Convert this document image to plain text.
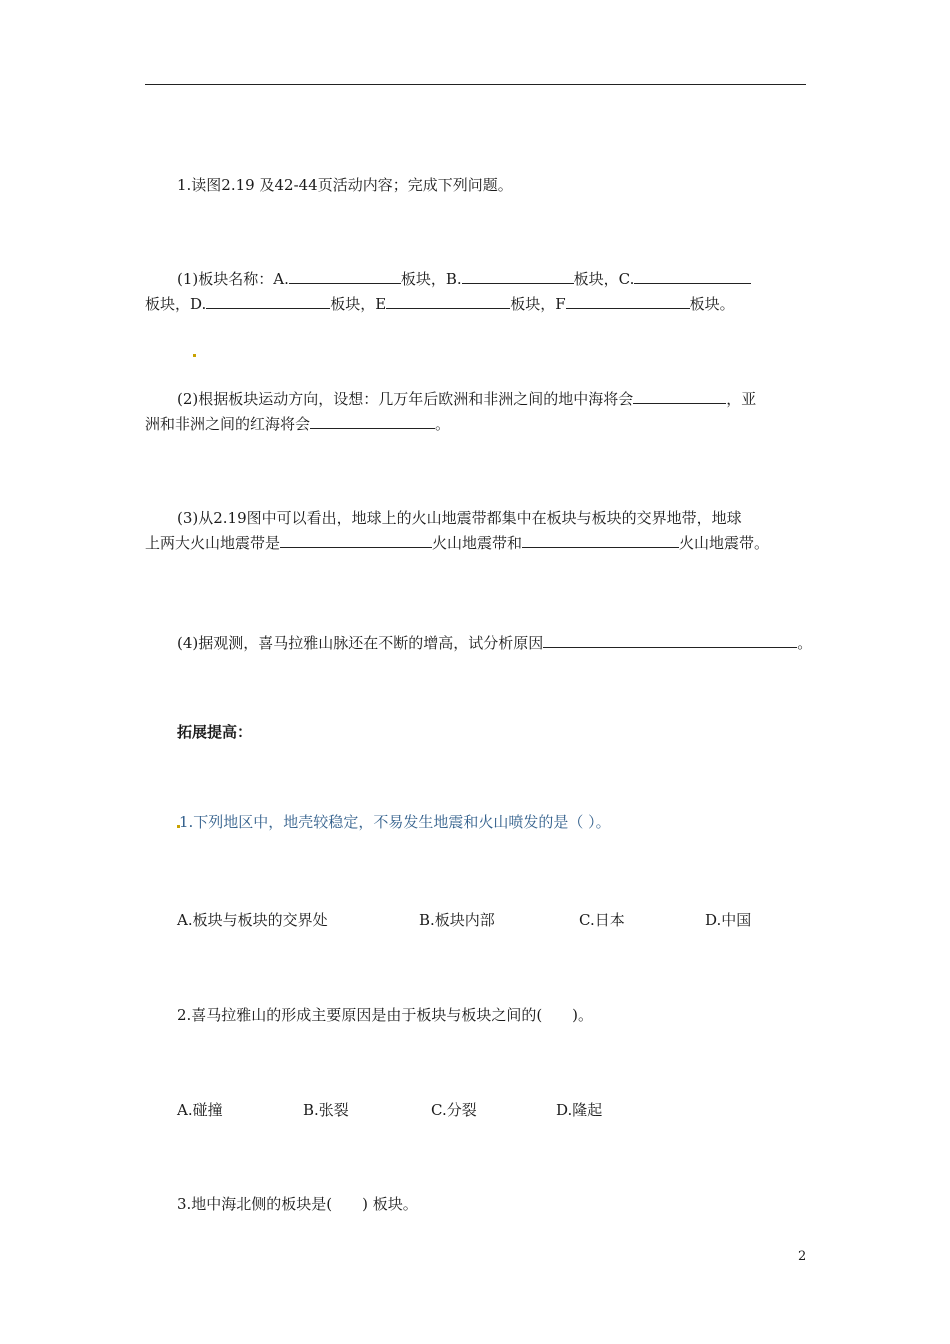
1.读图2.19 及42-44页活动内容；完成下列问题。
(1)板块名称：A.	板块，B.	板块，C.
板块，D.	板块，E	板块，F	板块。
(2)根据板块运动方向，设想：几万年后欧洲和非洲之间的地中海将会	，亚
洲和非洲之间的红海将会	。
(3)从2.19图中可以看出，地球上的火山地震带都集中在板块与板块的交界地带，地球
上两大火山地震带是	火山地震带和	火山地震带。
(4)据观测，喜马拉雅山脉还在不断的增高，试分析原因	。
拓展提高：
1.下列地区中，地壳较稳定，不易发生地震和火山喷发的是（ ）。
A.板块与板块的交界处	B.板块内部	C.日本	D.中国
2.喜马拉雅山的形成主要原因是由于板块与板块之间的(　　)。
A.碰撞	B.张裂	C.分裂	D.隆起
3.地中海北侧的板块是(　　) 板块。
2
